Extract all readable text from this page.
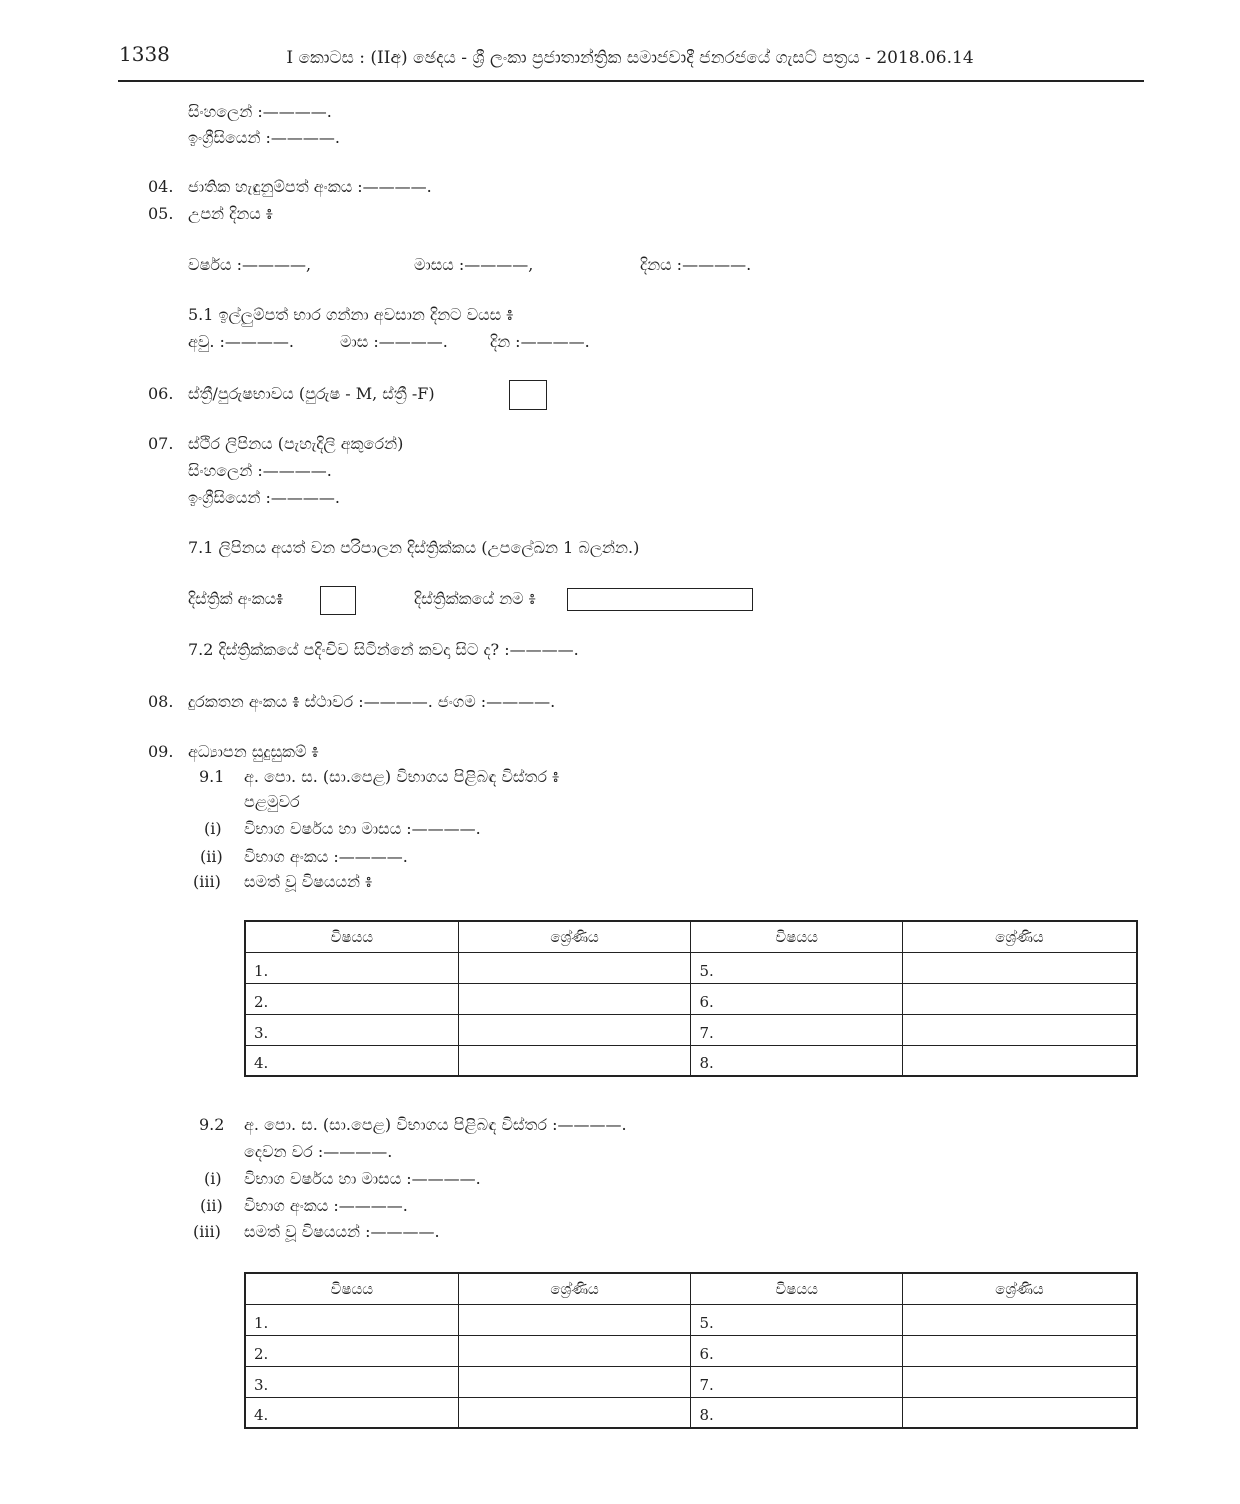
1338	I කොටස : (IIඅ) ඡෙදය - ශ්‍රී ලංකා ප්‍රජාතාන්ත්‍රික සමාජවාදී ජනරජයේ ගැසට් පත්‍රය - 2018.06.14
සිංහලෙන් :————.
ඉංග්‍රීසියෙන් :————.
04. ජාතික හැඳුනුම්පත් අංකය :————.
05. උපන් දිනය ៖
වර්ෂය :————,	මාසය :————,	දිනය :————.
5.1 ඉල්ලුම්පත් භාර ගන්නා අවසාන දිනට වයස ៖
අවු. :————.	මාස :————.	දින :————.
06. ස්ත්‍රී/පුරුෂභාවය (පුරුෂ - M, ස්ත්‍රී -F)
07. ස්ථිර ලිපිනය (පැහැදිලි අකුරෙන්)
සිංහලෙන් :————.
ඉංග්‍රීසියෙන් :————.
7.1 ලිපිනය අයත් වන පරිපාලන දිස්ත්‍රික්කය (උපලේඛන 1 බලන්න.)
දිස්ත්‍රික් අංකය៖	දිස්ත්‍රික්කයේ නම ៖
7.2 දිස්ත්‍රික්කයේ පදිංචිව සිටින්නේ කවදා සිට ද? :————.
08. දුරකතන අංකය ៖ ස්ථාවර :————. ජංගම :————.
09. අධ්‍යාපන සුදුසුකම් ៖
9.1 අ. පො. ස. (සා.පෙළ) විභාගය පිළිබඳ විස්තර ៖
පළමුවර
(i) විභාග වර්ෂය හා මාසය :————.
(ii) විභාග අංකය :————.
(iii) සමත් වූ විෂයයන් ៖
විෂයය	ශ්‍රේණිය	විෂයය	ශ්‍රේණිය
1.		5.	
2.		6.	
3.		7.	
4.		8.	
9.2 අ. පො. ස. (සා.පෙළ) විභාගය පිළිබඳ විස්තර :————.
දෙවන වර :————.
(i) විභාග වර්ෂය හා මාසය :————.
(ii) විභාග අංකය :————.
(iii) සමත් වූ විෂයයන් :————.
විෂයය	ශ්‍රේණිය	විෂයය	ශ්‍රේණිය
1.		5.	
2.		6.	
3.		7.	
4.		8.	
